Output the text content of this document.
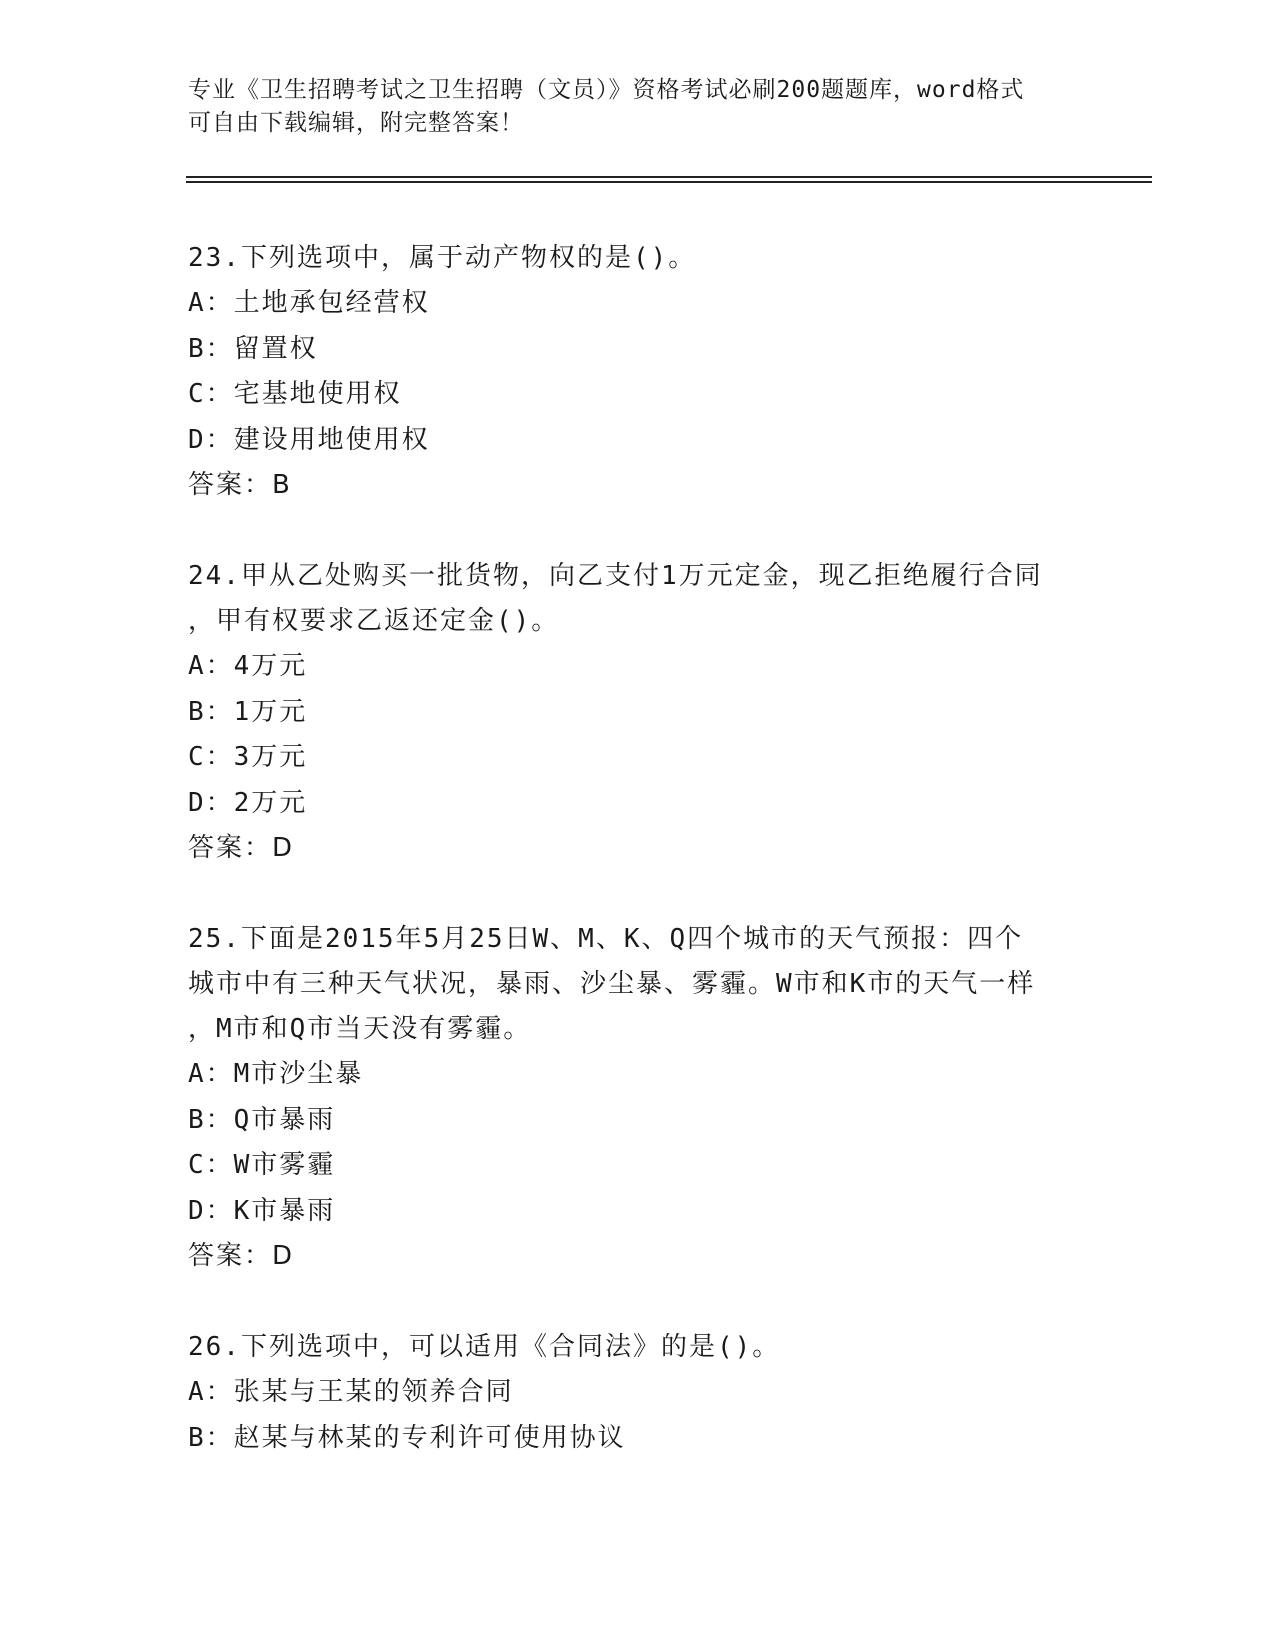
专业《卫生招聘考试之卫生招聘（文员）》资格考试必刷200题题库，word格式
可自由下载编辑，附完整答案！
23.下列选项中，属于动产物权的是()。
A：土地承包经营权
B：留置权
C：宅基地使用权
D：建设用地使用权
答案：B
24.甲从乙处购买一批货物，向乙支付1万元定金，现乙拒绝履行合同
，甲有权要求乙返还定金()。
A：4万元
B：1万元
C：3万元
D：2万元
答案：D
25.下面是2015年5月25日W、M、K、Q四个城市的天气预报：四个
城市中有三种天气状况，暴雨、沙尘暴、雾霾。W市和K市的天气一样
，M市和Q市当天没有雾霾。
A：M市沙尘暴
B：Q市暴雨
C：W市雾霾
D：K市暴雨
答案：D
26.下列选项中，可以适用《合同法》的是()。
A：张某与王某的领养合同
B：赵某与林某的专利许可使用协议
